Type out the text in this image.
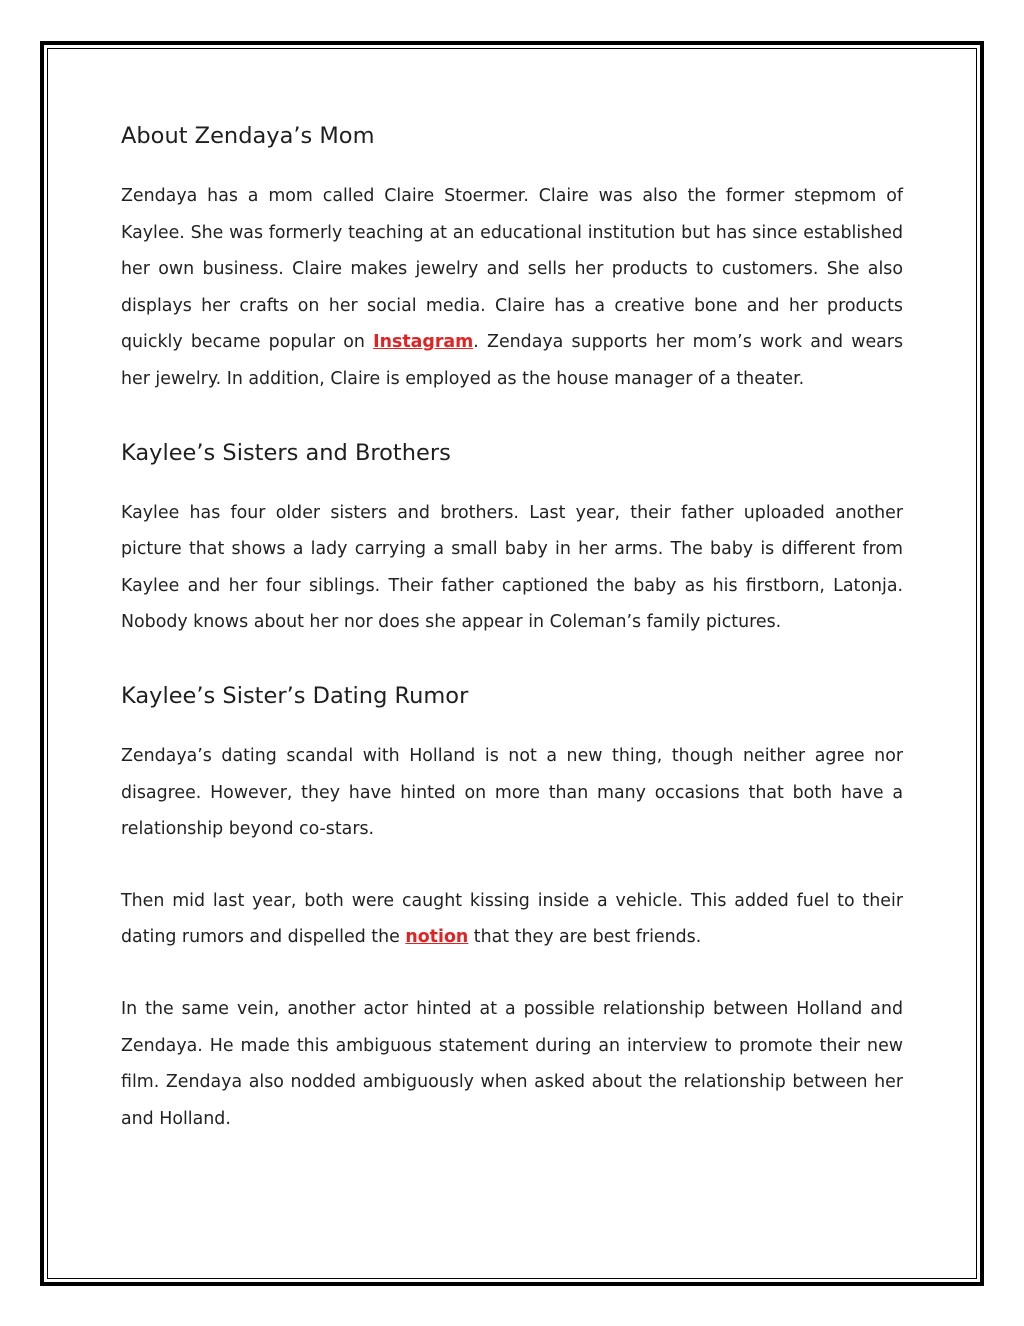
About Zendaya’s Mom

Zendaya has a mom called Claire Stoermer. Claire was also the former stepmom of Kaylee. She was formerly teaching at an educational institution but has since established her own business. Claire makes jewelry and sells her products to customers. She also displays her crafts on her social media. Claire has a creative bone and her products quickly became popular on Instagram. Zendaya supports her mom’s work and wears her jewelry. In addition, Claire is employed as the house manager of a theater.

Kaylee’s Sisters and Brothers

Kaylee has four older sisters and brothers. Last year, their father uploaded another picture that shows a lady carrying a small baby in her arms. The baby is different from Kaylee and her four siblings. Their father captioned the baby as his firstborn, Latonja. Nobody knows about her nor does she appear in Coleman’s family pictures.

Kaylee’s Sister’s Dating Rumor

Zendaya’s dating scandal with Holland is not a new thing, though neither agree nor disagree. However, they have hinted on more than many occasions that both have a relationship beyond co-stars.

Then mid last year, both were caught kissing inside a vehicle. This added fuel to their dating rumors and dispelled the notion that they are best friends.

In the same vein, another actor hinted at a possible relationship between Holland and Zendaya. He made this ambiguous statement during an interview to promote their new film. Zendaya also nodded ambiguously when asked about the relationship between her and Holland.
